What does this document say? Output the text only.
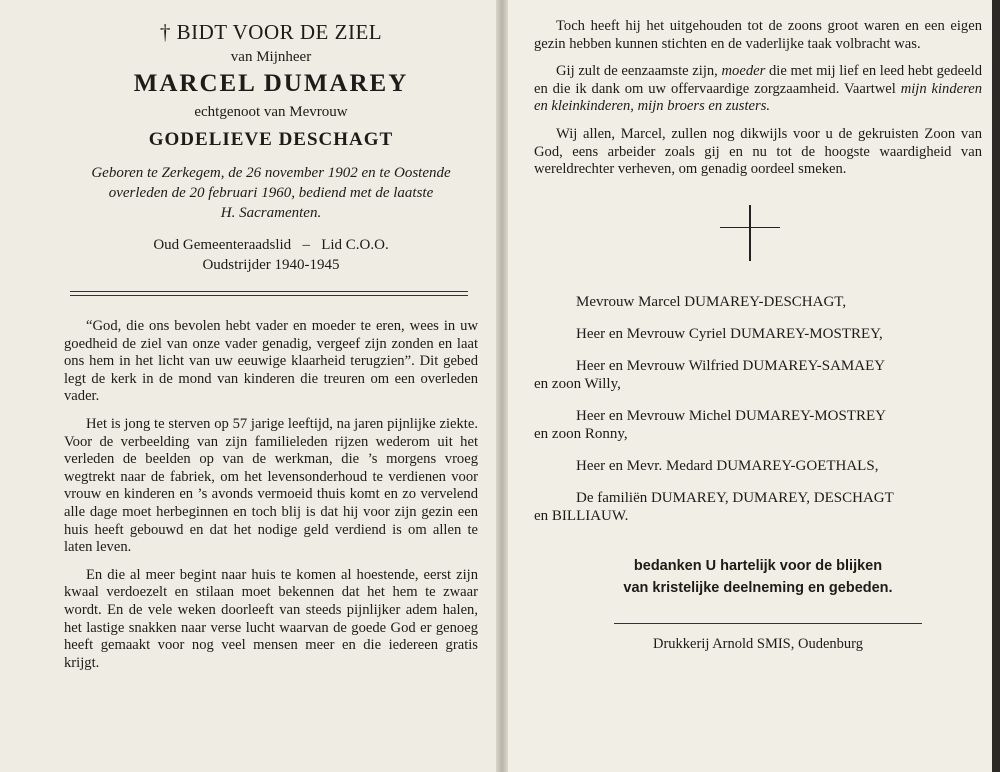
† BIDT VOOR DE ZIEL

van Mijnheer

MARCEL DUMAREY

echtgenoot van Mevrouw

GODELIEVE DESCHAGT

Geboren te Zerkegem, de 26 november 1902 en te Oostende
overleden de 20 februari 1960, bediend met de laatste
H. Sacramenten.
Oud Gemeenteraadslid – Lid C.O.O.
Oudstrijder 1940-1945

“God, die ons bevolen hebt vader en moeder te eren, wees in uw goedheid de ziel van onze vader genadig, vergeef zijn zonden en laat ons hem in het licht van uw eeuwige klaarheid terugzien”. Dit gebed legt de kerk in de mond van kinderen die treuren om een overleden vader.

Het is jong te sterven op 57 jarige leeftijd, na jaren pijnlijke ziekte. Voor de verbeelding van zijn familieleden rijzen wederom uit het verleden de beelden op van de werkman, die ’s morgens vroeg wegtrekt naar de fabriek, om het levensonderhoud te verdienen voor vrouw en kinderen en ’s avonds vermoeid thuis komt en zo vervelend alle dage moet herbeginnen en toch blij is dat hij voor zijn gezin een huis heeft gebouwd en dat het nodige geld verdiend is om allen te laten leven.

En die al meer begint naar huis te komen al hoestende, eerst zijn kwaal verdoezelt en stilaan moet bekennen dat het hem te zwaar wordt. En de vele weken doorleeft van steeds pijnlijker adem halen, het lastige snakken naar verse lucht waarvan de goede God er genoeg heeft gemaakt voor nog veel mensen meer en die iedereen gratis krijgt.

Toch heeft hij het uitgehouden tot de zoons groot waren en een eigen gezin hebben kunnen stichten en de vaderlijke taak volbracht was.

Gij zult de eenzaamste zijn, moeder die met mij lief en leed hebt gedeeld en die ik dank om uw offervaardige zorgzaamheid. Vaartwel mijn kinderen en kleinkinderen, mijn broers en zusters.

Wij allen, Marcel, zullen nog dikwijls voor u de gekruisten Zoon van God, eens arbeider zoals gij en nu tot de hoogste waardigheid van wereldrechter verheven, om genadig oordeel smeken.

Mevrouw Marcel DUMAREY-DESCHAGT,

Heer en Mevrouw Cyriel DUMAREY-MOSTREY,

Heer en Mevrouw Wilfried DUMAREY-SAMAEY
en zoon Willy,

Heer en Mevrouw Michel DUMAREY-MOSTREY
en zoon Ronny,

Heer en Mevr. Medard DUMAREY-GOETHALS,

De familiën DUMAREY, DUMAREY, DESCHAGT
en BILLIAUW.

bedanken U hartelijk voor de blijken
van kristelijke deelneming en gebeden.

Drukkerij Arnold SMIS, Oudenburg
